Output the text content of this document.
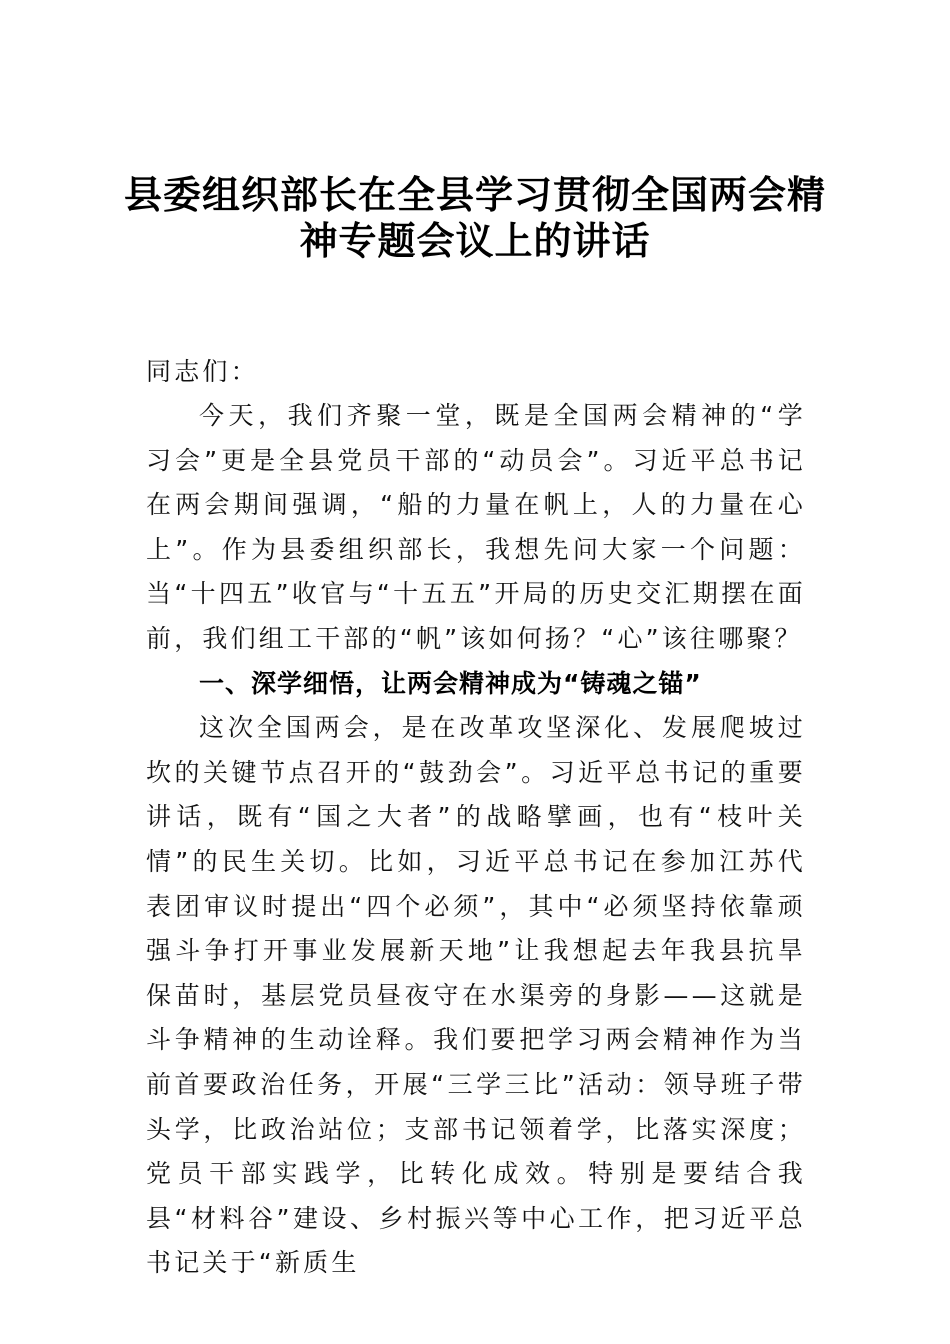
县委组织部长在全县学习贯彻全国两会精
神专题会议上的讲话
同志们：

今天，我们齐聚一堂，既是全国两会精神的“学习会”更是全县党员干部的“动员会”。习近平总书记在两会期间强调，“船的力量在帆上，人的力量在心上”。作为县委组织部长，我想先问大家一个问题：当“十四五”收官与“十五五”开局的历史交汇期摆在面前，我们组工干部的“帆”该如何扬？“心”该往哪聚？

一、深学细悟，让两会精神成为“铸魂之锚”

这次全国两会，是在改革攻坚深化、发展爬坡过坎的关键节点召开的“鼓劲会”。习近平总书记的重要讲话，既有“国之大者”的战略擘画，也有“枝叶关情”的民生关切。比如，习近平总书记在参加江苏代表团审议时提出“四个必须”，其中“必须坚持依靠顽强斗争打开事业发展新天地”让我想起去年我县抗旱保苗时，基层党员昼夜守在水渠旁的身影——这就是斗争精神的生动诠释。我们要把学习两会精神作为当前首要政治任务，开展“三学三比”活动：领导班子带头学，比政治站位；支部书记领着学，比落实深度；党员干部实践学，比转化成效。特别是要结合我县“材料谷”建设、乡村振兴等中心工作，把习近平总书记关于“新质生
